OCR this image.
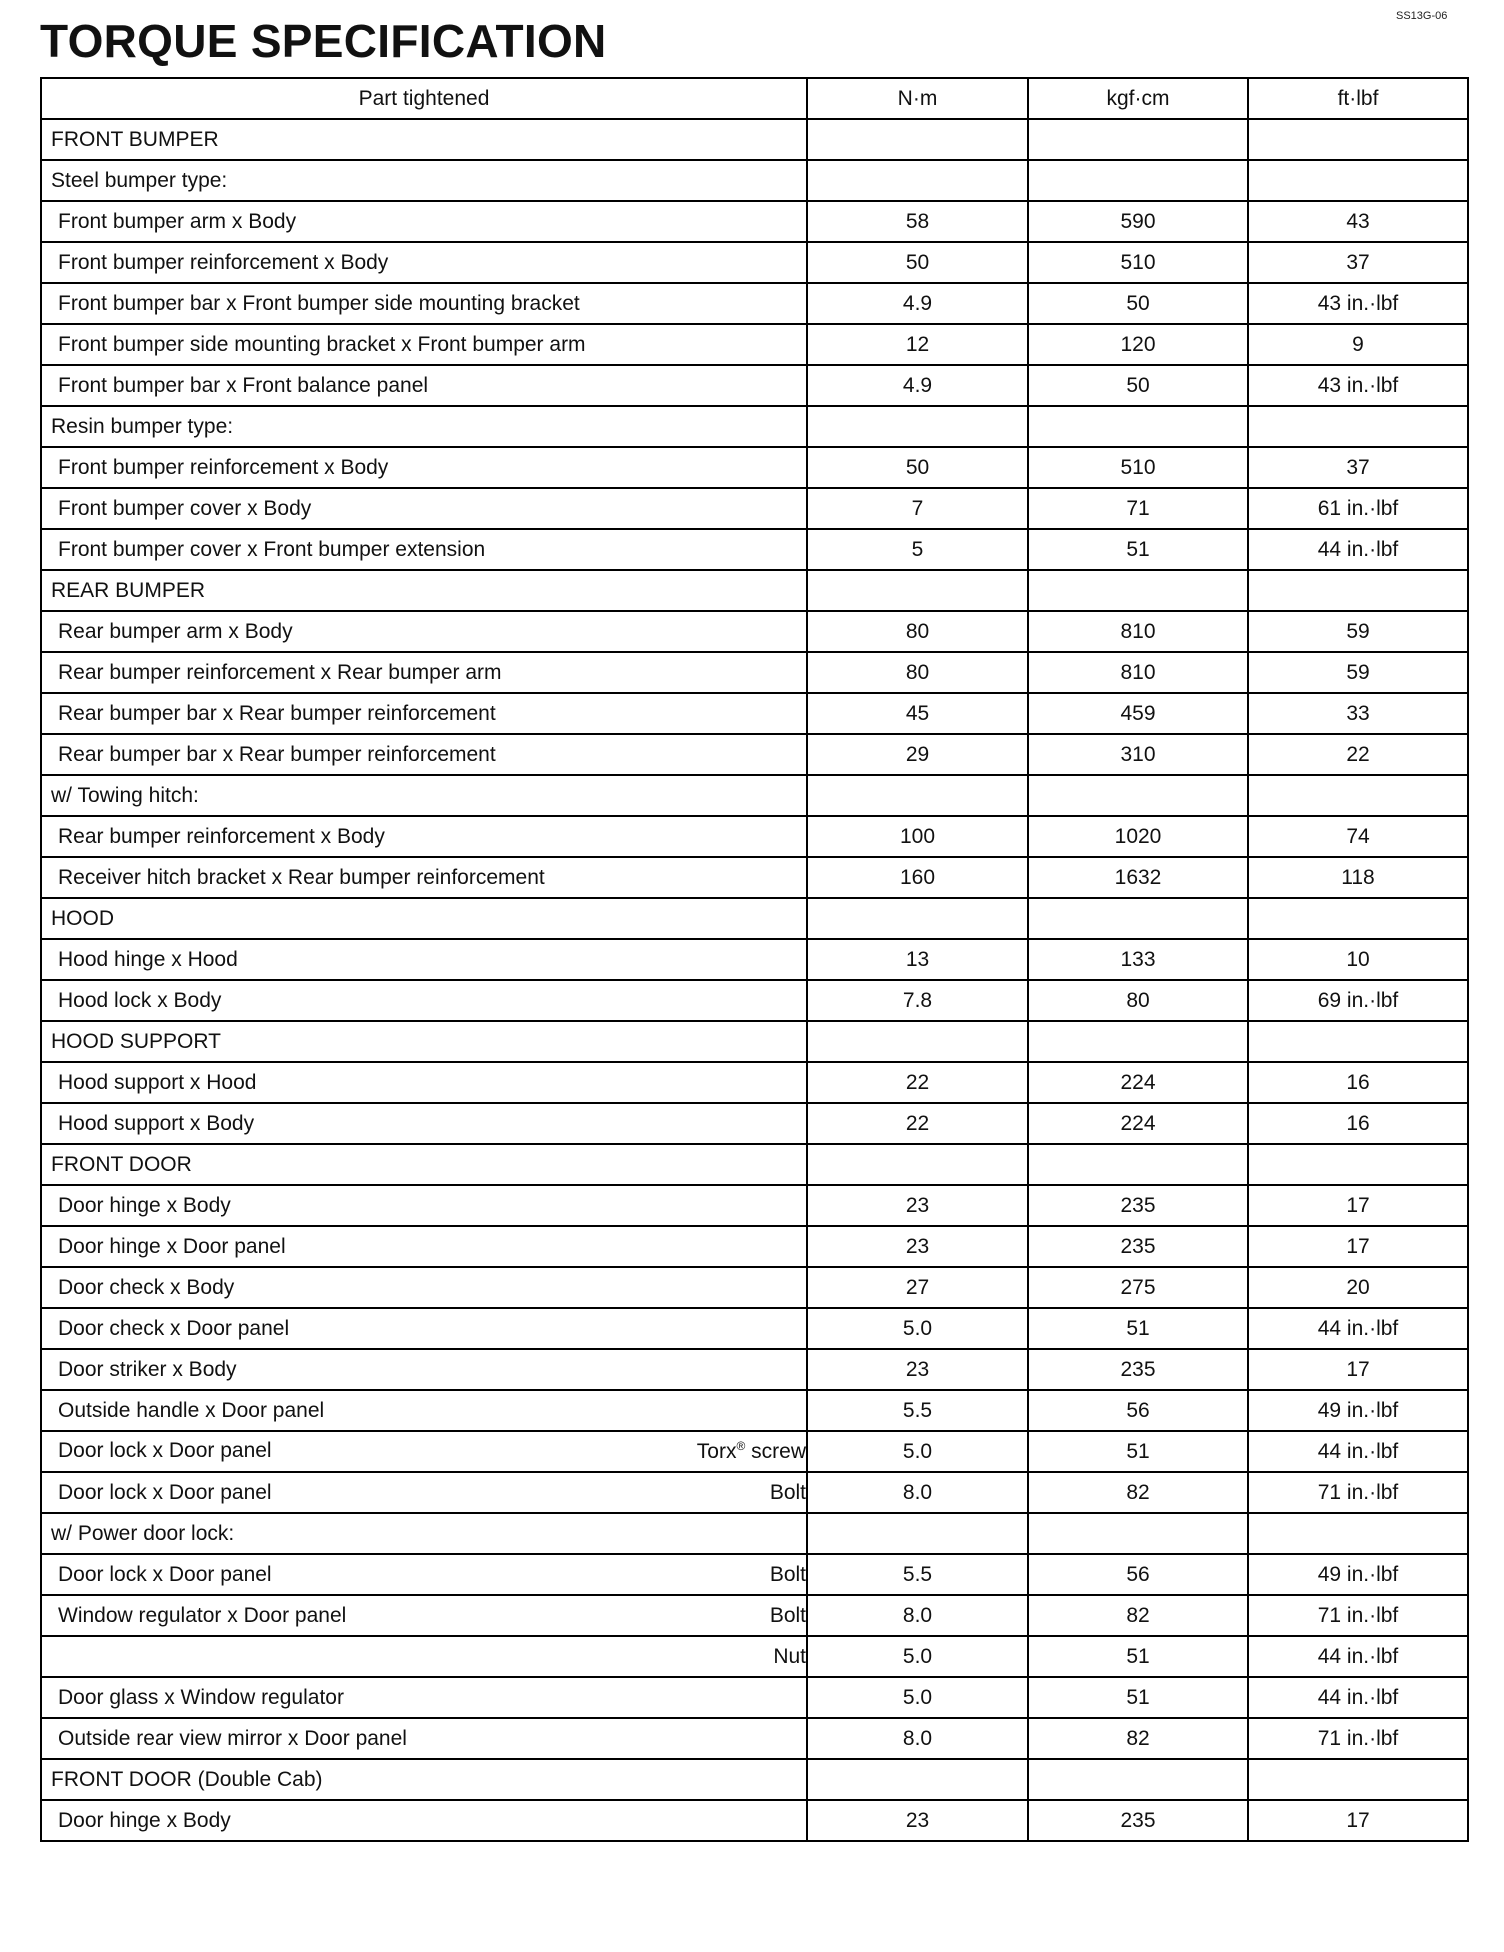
SS13G-06
TORQUE SPECIFICATION
Part tightened	N·m	kgf·cm	ft·lbf

FRONT BUMPER			

Steel bumper type:			

Front bumper arm x Body	58	590	43

Front bumper reinforcement x Body	50	510	37

Front bumper bar x Front bumper side mounting bracket	4.9	50	43 in.·lbf

Front bumper side mounting bracket x Front bumper arm	12	120	9

Front bumper bar x Front balance panel	4.9	50	43 in.·lbf

Resin bumper type:			

Front bumper reinforcement x Body	50	510	37

Front bumper cover x Body	7	71	61 in.·lbf

Front bumper cover x Front bumper extension	5	51	44 in.·lbf

REAR BUMPER			

Rear bumper arm x Body	80	810	59

Rear bumper reinforcement x Rear bumper arm	80	810	59

Rear bumper bar x Rear bumper reinforcement	45	459	33

Rear bumper bar x Rear bumper reinforcement	29	310	22

w/ Towing hitch:			

Rear bumper reinforcement x Body	100	1020	74

Receiver hitch bracket x Rear bumper reinforcement	160	1632	118

HOOD			

Hood hinge x Hood	13	133	10

Hood lock x Body	7.8	80	69 in.·lbf

HOOD SUPPORT			

Hood support x Hood	22	224	16

Hood support x Body	22	224	16

FRONT DOOR			

Door hinge x Body	23	235	17

Door hinge x Door panel	23	235	17

Door check x Body	27	275	20

Door check x Door panel	5.0	51	44 in.·lbf

Door striker x Body	23	235	17

Outside handle x Door panel	5.5	56	49 in.·lbf

Door lock x Door panel Torx® screw	5.0	51	44 in.·lbf

Door lock x Door panel Bolt	8.0	82	71 in.·lbf

w/ Power door lock:			

Door lock x Door panel Bolt	5.5	56	49 in.·lbf

Window regulator x Door panel Bolt	8.0	82	71 in.·lbf

Nut	5.0	51	44 in.·lbf

Door glass x Window regulator	5.0	51	44 in.·lbf

Outside rear view mirror x Door panel	8.0	82	71 in.·lbf

FRONT DOOR (Double Cab)			

Door hinge x Body	23	235	17
